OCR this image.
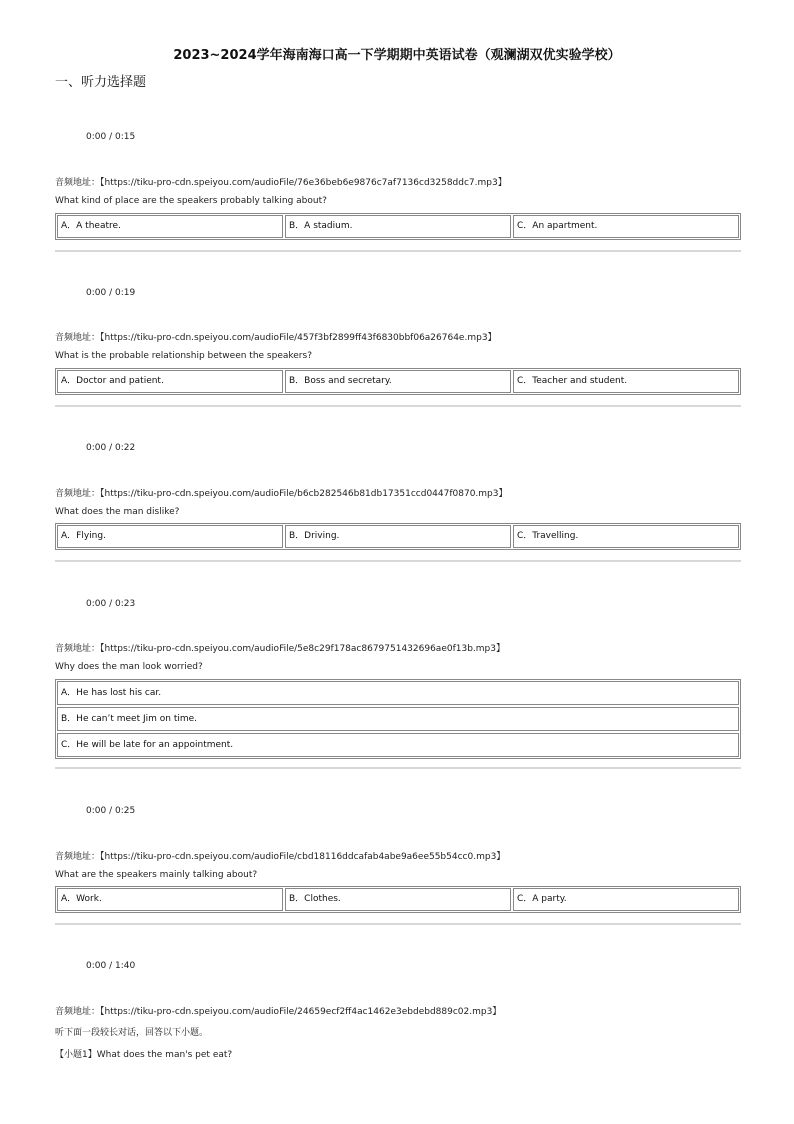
2023~2024学年海南海口高一下学期期中英语试卷（观澜湖双优实验学校）
一、听力选择题
0:00 / 0:15
音频地址：【https://tiku-pro-cdn.speiyou.com/audioFile/76e36beb6e9876c7af7136cd3258ddc7.mp3】
What kind of place are the speakers probably talking about?
A．A theatre.	B．A stadium.	C．An apartment.
0:00 / 0:19
音频地址：【https://tiku-pro-cdn.speiyou.com/audioFile/457f3bf2899ff43f6830bbf06a26764e.mp3】
What is the probable relationship between the speakers?
A．Doctor and patient.	B．Boss and secretary.	C．Teacher and student.
0:00 / 0:22
音频地址：【https://tiku-pro-cdn.speiyou.com/audioFile/b6cb282546b81db17351ccd0447f0870.mp3】
What does the man dislike?
A．Flying.	B．Driving.	C．Travelling.
0:00 / 0:23
音频地址：【https://tiku-pro-cdn.speiyou.com/audioFile/5e8c29f178ac8679751432696ae0f13b.mp3】
Why does the man look worried?
A．He has lost his car.
B．He can’t meet Jim on time.
C．He will be late for an appointment.
0:00 / 0:25
音频地址：【https://tiku-pro-cdn.speiyou.com/audioFile/cbd18116ddcafab4abe9a6ee55b54cc0.mp3】
What are the speakers mainly talking about?
A．Work.	B．Clothes.	C．A party.
0:00 / 1:40
音频地址：【https://tiku-pro-cdn.speiyou.com/audioFile/24659ecf2ff4ac1462e3ebdebd889c02.mp3】
听下面一段较长对话，回答以下小题。
【小题1】What does the man's pet eat?
